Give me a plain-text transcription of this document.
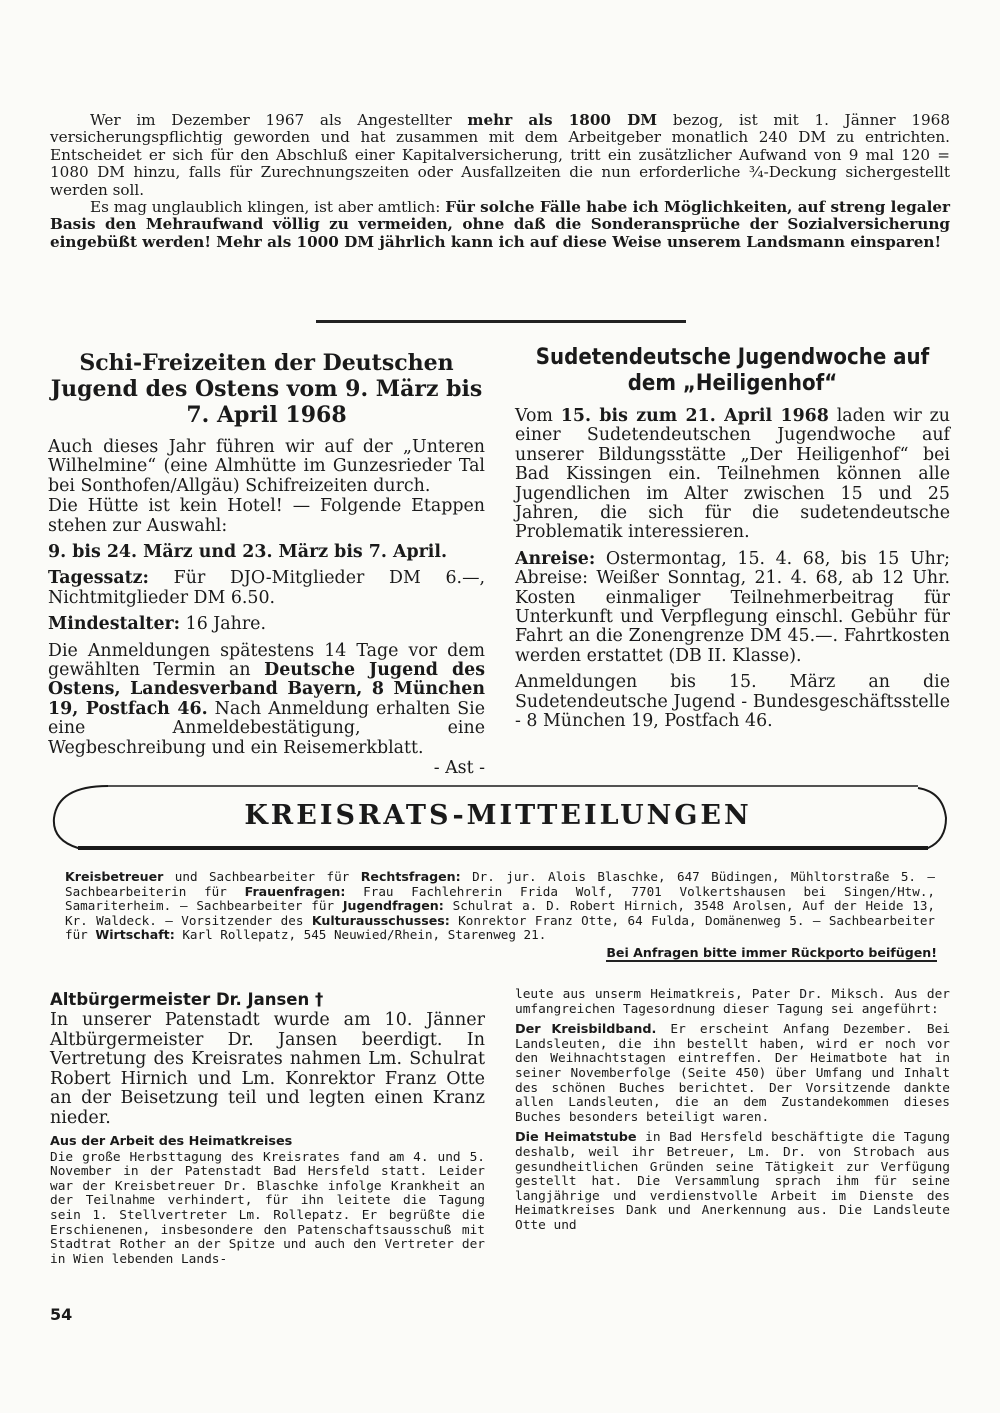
Wer im Dezember 1967 als Angestellter mehr als 1800 DM bezog, ist mit 1. Jänner 1968 versicherungspflichtig geworden und hat zusammen mit dem Arbeitgeber monatlich 240 DM zu entrichten. Entscheidet er sich für den Abschluß einer Kapitalversicherung, tritt ein zusätzlicher Aufwand von 9 mal 120 = 1080 DM hinzu, falls für Zurechnungszeiten oder Ausfallzeiten die nun erforderliche ¾-Deckung sichergestellt werden soll.

Es mag unglaublich klingen, ist aber amtlich: Für solche Fälle habe ich Möglichkeiten, auf streng legaler Basis den Mehraufwand völlig zu vermeiden, ohne daß die Sonderansprüche der Sozialversicherung eingebüßt werden! Mehr als 1000 DM jährlich kann ich auf diese Weise unserem Landsmann einsparen!

Schi-Freizeiten der Deutschen Jugend des Ostens vom 9. März bis 7. April 1968

Auch dieses Jahr führen wir auf der „Unteren Wilhelmine“ (eine Almhütte im Gunzesrieder Tal bei Sonthofen/Allgäu) Schifreizeiten durch.

Die Hütte ist kein Hotel! — Folgende Etappen stehen zur Auswahl:

9. bis 24. März und 23. März bis 7. April.

Tagessatz: Für DJO-Mitglieder DM 6.—, Nichtmitglieder DM 6.50.

Mindestalter: 16 Jahre.

Die Anmeldungen spätestens 14 Tage vor dem gewählten Termin an Deutsche Jugend des Ostens, Landesverband Bayern, 8 München 19, Postfach 46. Nach Anmeldung erhalten Sie eine Anmeldebestätigung, eine Wegbeschreibung und ein Reisemerkblatt.

- Ast -
Sudetendeutsche Jugendwoche auf dem „Heiligenhof“

Vom 15. bis zum 21. April 1968 laden wir zu einer Sudetendeutschen Jugendwoche auf unserer Bildungsstätte „Der Heiligenhof“ bei Bad Kissingen ein. Teilnehmen können alle Jugendlichen im Alter zwischen 15 und 25 Jahren, die sich für die sudetendeutsche Problematik interessieren.

Anreise: Ostermontag, 15. 4. 68, bis 15 Uhr; Abreise: Weißer Sonntag, 21. 4. 68, ab 12 Uhr. Kosten einmaliger Teilnehmerbeitrag für Unterkunft und Verpflegung einschl. Gebühr für Fahrt an die Zonengrenze DM 45.—. Fahrtkosten werden erstattet (DB II. Klasse).

Anmeldungen bis 15. März an die Sudetendeutsche Jugend - Bundesgeschäftsstelle - 8 München 19, Postfach 46.

KREISRATS-MITTEILUNGEN

Kreisbetreuer und Sachbearbeiter für Rechtsfragen: Dr. jur. Alois Blaschke, 647 Büdingen, Mühltorstraße 5. — Sachbearbeiterin für Frauenfragen: Frau Fachlehrerin Frida Wolf, 7701 Volkertshausen bei Singen/Htw., Samariterheim. — Sachbearbeiter für Jugendfragen: Schulrat a. D. Robert Hirnich, 3548 Arolsen, Auf der Heide 13, Kr. Waldeck. — Vorsitzender des Kulturausschusses: Konrektor Franz Otte, 64 Fulda, Domänenweg 5. — Sachbearbeiter für Wirtschaft: Karl Rollepatz, 545 Neuwied/Rhein, Starenweg 21.

Bei Anfragen bitte immer Rückporto beifügen!
Altbürgermeister Dr. Jansen †

In unserer Patenstadt wurde am 10. Jänner Altbürgermeister Dr. Jansen beerdigt. In Vertretung des Kreisrates nahmen Lm. Schulrat Robert Hirnich und Lm. Konrektor Franz Otte an der Beisetzung teil und legten einen Kranz nieder.

Aus der Arbeit des Heimatkreises

Die große Herbsttagung des Kreisrates fand am 4. und 5. November in der Patenstadt Bad Hersfeld statt. Leider war der Kreisbetreuer Dr. Blaschke infolge Krankheit an der Teilnahme verhindert, für ihn leitete die Tagung sein 1. Stellvertreter Lm. Rollepatz. Er begrüßte die Erschienenen, insbesondere den Patenschaftsausschuß mit Stadtrat Rother an der Spitze und auch den Vertreter der in Wien lebenden Lands-

leute aus unserm Heimatkreis, Pater Dr. Miksch. Aus der umfangreichen Tagesordnung dieser Tagung sei angeführt:

Der Kreisbildband. Er erscheint Anfang Dezember. Bei Landsleuten, die ihn bestellt haben, wird er noch vor den Weihnachtstagen eintreffen. Der Heimatbote hat in seiner Novemberfolge (Seite 450) über Umfang und Inhalt des schönen Buches berichtet. Der Vorsitzende dankte allen Landsleuten, die an dem Zustandekommen dieses Buches besonders beteiligt waren.

Die Heimatstube in Bad Hersfeld beschäftigte die Tagung deshalb, weil ihr Betreuer, Lm. Dr. von Strobach aus gesundheitlichen Gründen seine Tätigkeit zur Verfügung gestellt hat. Die Versammlung sprach ihm für seine langjährige und verdienstvolle Arbeit im Dienste des Heimatkreises Dank und Anerkennung aus. Die Landsleute Otte und

54
